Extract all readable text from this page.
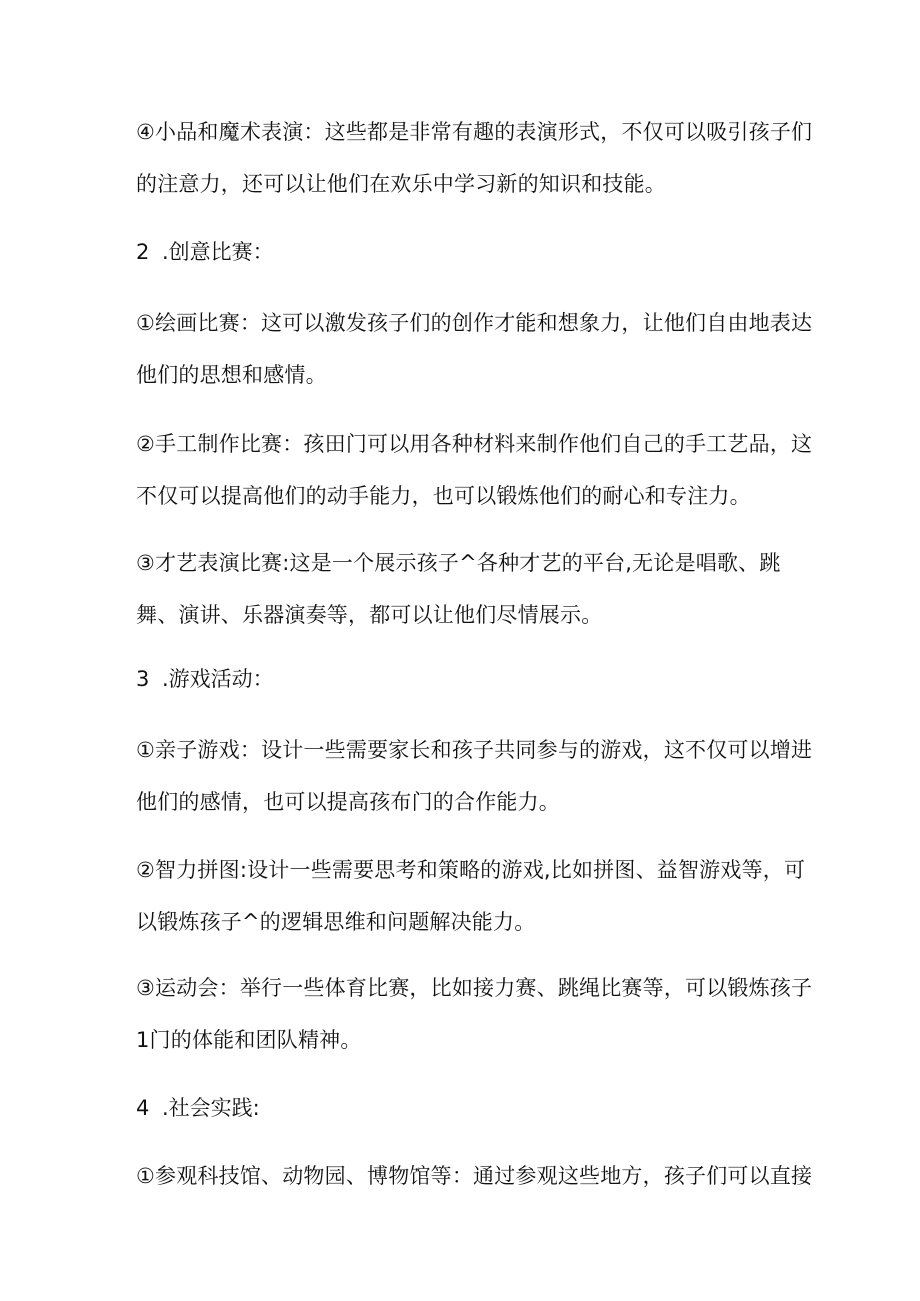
④小品和魔术表演：这些都是非常有趣的表演形式，不仅可以吸引孩子们
的注意力，还可以让他们在欢乐中学习新的知识和技能。
2 .创意比赛：
①绘画比赛：这可以激发孩子们的创作才能和想象力，让他们自由地表达
他们的思想和感情。
②手工制作比赛：孩田门可以用各种材料来制作他们自己的手工艺品，这
不仅可以提高他们的动手能力，也可以锻炼他们的耐心和专注力。
③才艺表演比赛:这是一个展示孩子^各种才艺的平台,无论是唱歌、跳
舞、演讲、乐器演奏等，都可以让他们尽情展示。
3 .游戏活动：
①亲子游戏：设计一些需要家长和孩子共同参与的游戏，这不仅可以增进
他们的感情，也可以提高孩布门的合作能力。
②智力拼图:设计一些需要思考和策略的游戏,比如拼图、益智游戏等，可
以锻炼孩子^的逻辑思维和问题解决能力。
③运动会：举行一些体育比赛，比如接力赛、跳绳比赛等，可以锻炼孩子
1门的体能和团队精神。
4 .社会实践:
①参观科技馆、动物园、博物馆等：通过参观这些地方，孩子们可以直接
